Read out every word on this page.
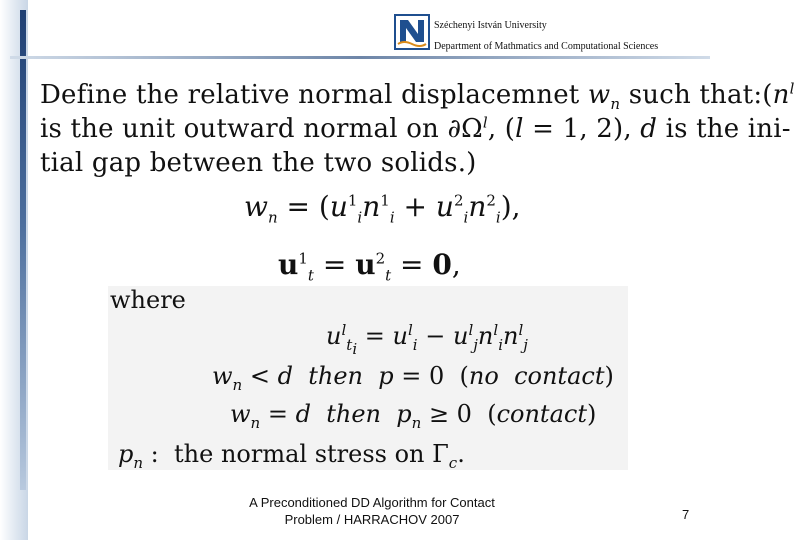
Széchenyi István University
Department of Mathmatics and Computational Sciences
Define the relative normal displacemnet $w_n$ such $that:(n^l$
is the unit outward normal on $\partial\Omega^l$, (l = 1, 2), d is the ini-
tial gap between the two solids.)
$w_n = (u^1_in^1_i + u^2_in^2_i)$,
$u^1_t = u^2_t = 0$,
where
$u^l_{t_i} = u^l_i - u^l_jn^l_in^l_j$
$w_n < d$ then p = 0  (no contact)
$w_n = d$ then $p_n \ge 0$  (contact)
$p_n$ :  the normal stress on $\Gamma_c$.
A Preconditioned DD Algorithm for Contact Problem / HARRACHOV 2007	7
